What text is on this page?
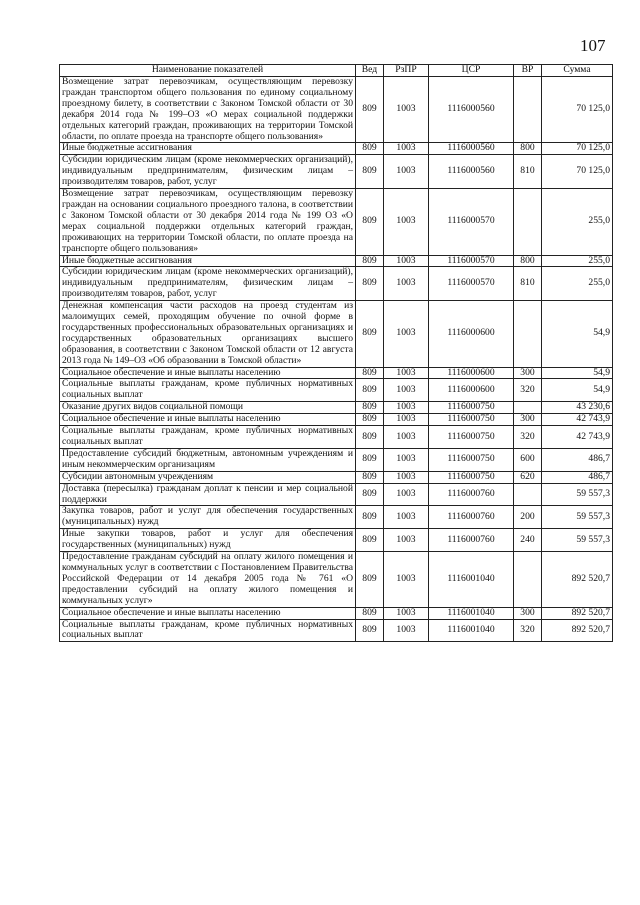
107
Наименование показателей	Вед	РзПР	ЦСР	ВР	Сумма
Возмещение затрат перевозчикам, осуществляющим перевозку граждан транспортом общего пользования по единому социальному проездному билету, в соответствии с Законом Томской области от 30 декабря 2014 года № 199–ОЗ «О мерах социальной поддержки отдельных категорий граждан, проживающих на территории Томской области, по оплате проезда на транспорте общего пользования»	809	1003	1116000560		70 125,0
Иные бюджетные ассигнования	809	1003	1116000560	800	70 125,0
Субсидии юридическим лицам (кроме некоммерческих организаций), индивидуальным предпринимателям, физическим лицам – производителям товаров, работ, услуг	809	1003	1116000560	810	70 125,0
Возмещение затрат перевозчикам, осуществляющим перевозку граждан на основании социального проездного талона, в соответствии с Законом Томской области от 30 декабря 2014 года № 199 ОЗ «О мерах социальной поддержки отдельных категорий граждан, проживающих на территории Томской области, по оплате проезда на транспорте общего пользования»	809	1003	1116000570		255,0
Иные бюджетные ассигнования	809	1003	1116000570	800	255,0
Субсидии юридическим лицам (кроме некоммерческих организаций), индивидуальным предпринимателям, физическим лицам – производителям товаров, работ, услуг	809	1003	1116000570	810	255,0
Денежная компенсация части расходов на проезд студентам из малоимущих семей, проходящим обучение по очной форме в государственных профессиональных образовательных организациях и государственных образовательных организациях высшего образования, в соответствии с Законом Томской области от 12 августа 2013 года № 149–ОЗ «Об образовании в Томской области»	809	1003	1116000600		54,9
Социальное обеспечение и иные выплаты населению	809	1003	1116000600	300	54,9
Социальные выплаты гражданам, кроме публичных нормативных социальных выплат	809	1003	1116000600	320	54,9
Оказание других видов социальной помощи	809	1003	1116000750		43 230,6
Социальное обеспечение и иные выплаты населению	809	1003	1116000750	300	42 743,9
Социальные выплаты гражданам, кроме публичных нормативных социальных выплат	809	1003	1116000750	320	42 743,9
Предоставление субсидий бюджетным, автономным учреждениям и иным некоммерческим организациям	809	1003	1116000750	600	486,7
Субсидии автономным учреждениям	809	1003	1116000750	620	486,7
Доставка (пересылка) гражданам доплат к пенсии и мер социальной поддержки	809	1003	1116000760		59 557,3
Закупка товаров, работ и услуг для обеспечения государственных (муниципальных) нужд	809	1003	1116000760	200	59 557,3
Иные закупки товаров, работ и услуг для обеспечения государственных (муниципальных) нужд	809	1003	1116000760	240	59 557,3
Предоставление гражданам субсидий на оплату жилого помещения и коммунальных услуг в соответствии с Постановлением Правительства Российской Федерации от 14 декабря 2005 года № 761 «О предоставлении субсидий на оплату жилого помещения и коммунальных услуг»	809	1003	1116001040		892 520,7
Социальное обеспечение и иные выплаты населению	809	1003	1116001040	300	892 520,7
Социальные выплаты гражданам, кроме публичных нормативных социальных выплат	809	1003	1116001040	320	892 520,7
